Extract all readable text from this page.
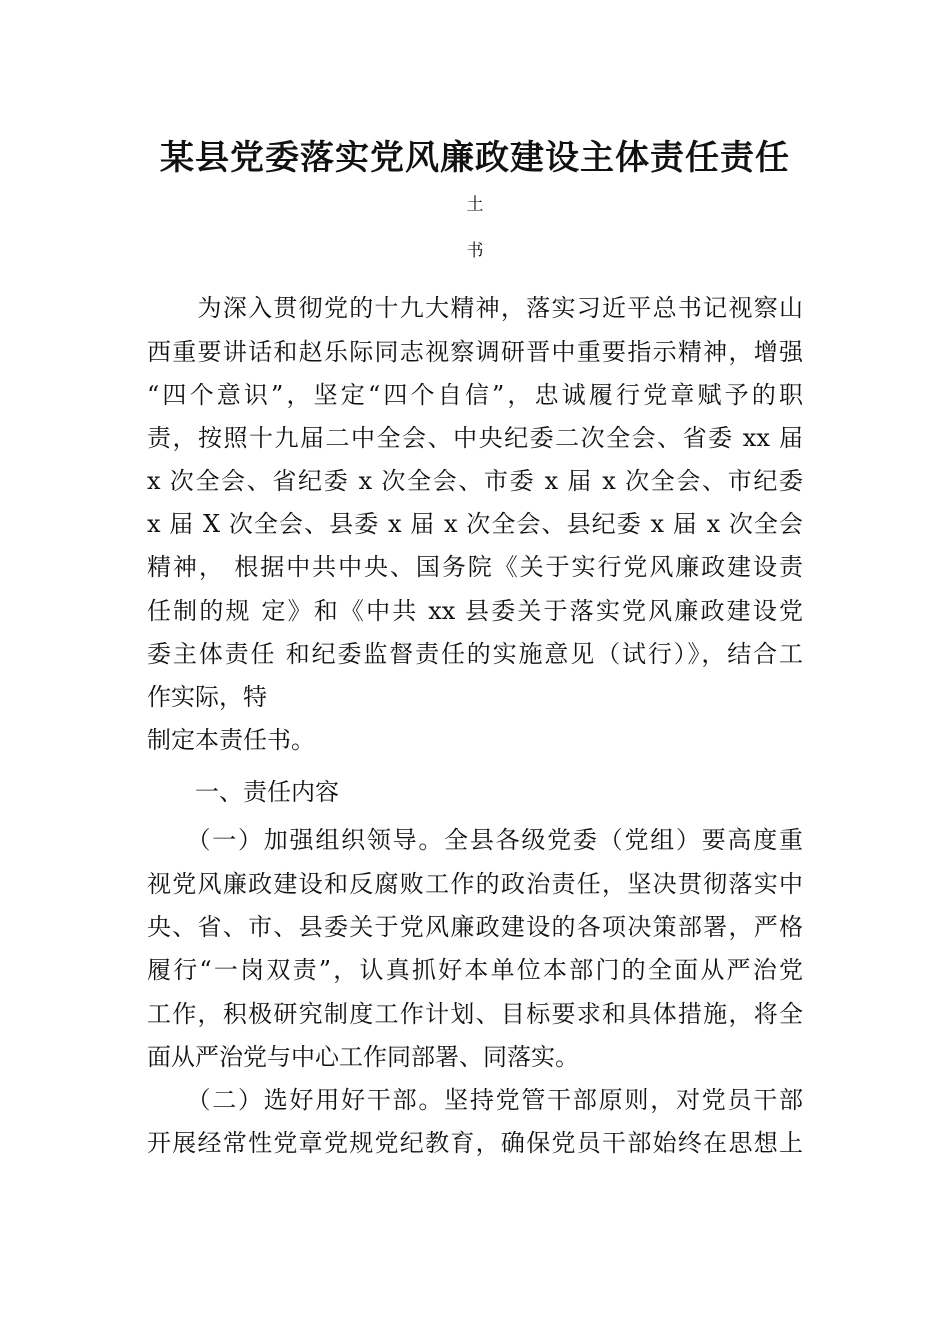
某县党委落实党风廉政建设主体责任责任
土
书
　　为深入贯彻党的十九大精神，落实习近平总书记视察山
西重要讲话和赵乐际同志视察调研晋中重要指示精神，增强
“四个意识”，坚定“四个自信”，忠诚履行党章赋予的职
责，按照十九届二中全会、中央纪委二次全会、省委 xx 届
x 次全会、省纪委 x 次全会、市委 x 届 x 次全会、市纪委
x 届 X 次全会、县委 x 届 x 次全会、县纪委 x 届 x 次全会
精神， 根据中共中央、国务院《关于实行党风廉政建设责
任制的规 定》和《中共 xx 县委关于落实党风廉政建设党
委主体责任 和纪委监督责任的实施意见（试行）》，结合工
作实际，特
制定本责任书。
　　一、责任内容
　　（一）加强组织领导。全县各级党委（党组）要高度重
视党风廉政建设和反腐败工作的政治责任，坚决贯彻落实中
央、省、市、县委关于党风廉政建设的各项决策部署，严格
履行“一岗双责”，认真抓好本单位本部门的全面从严治党
工作，积极研究制度工作计划、目标要求和具体措施，将全
面从严治党与中心工作同部署、同落实。
　　（二）选好用好干部。坚持党管干部原则，对党员干部
开展经常性党章党规党纪教育，确保党员干部始终在思想上
